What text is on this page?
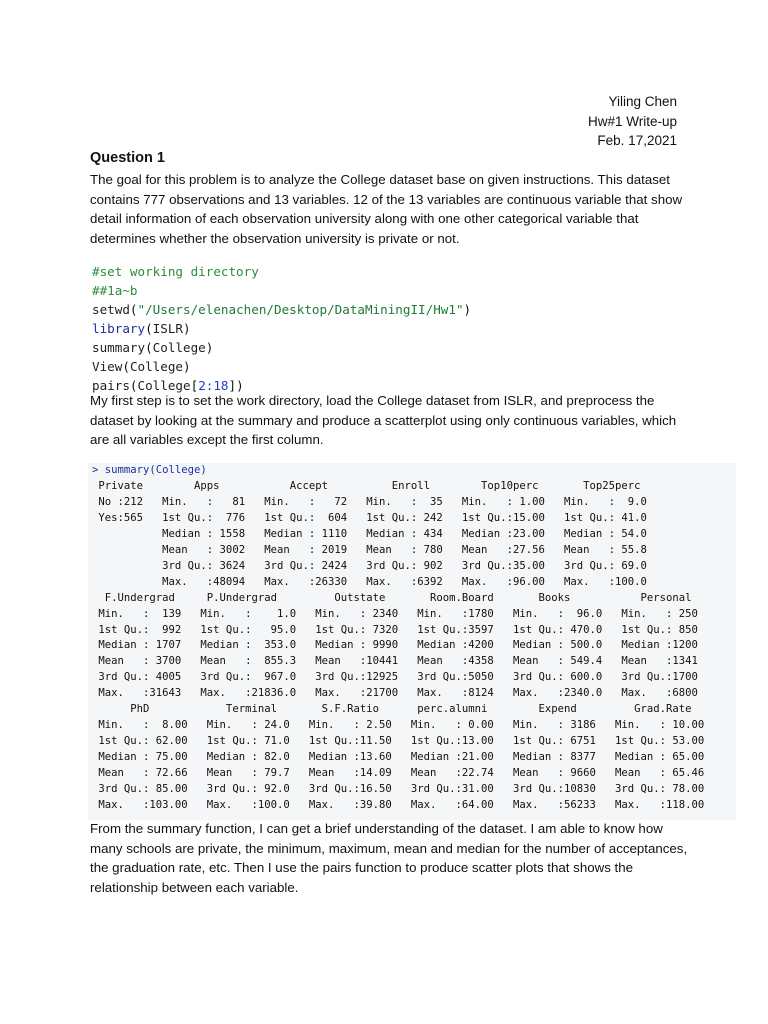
Yiling Chen
Hw#1 Write-up
Feb. 17,2021
Question 1

The goal for this problem is to analyze the College dataset base on given instructions. This dataset contains 777 observations and 13 variables. 12 of the 13 variables are continuous variable that show detail information of each observation university along with one other categorical variable that determines whether the observation university is private or not.

#set working directory
##1a~b
setwd("/Users/elenachen/Desktop/DataMiningII/Hw1")
library(ISLR)
summary(College)
View(College)
pairs(College[2:18])

My first step is to set the work directory, load the College dataset from ISLR, and preprocess the dataset by looking at the summary and produce a scatterplot using only continuous variables, which are all variables except the first column.

> summary(College)
Private        Apps           Accept          Enroll        Top10perc       Top25perc
No :212   Min.   :   81   Min.   :   72   Min.   :  35   Min.   : 1.00   Min.   :  9.0
Yes:565   1st Qu.:  776   1st Qu.:  604   1st Qu.: 242   1st Qu.:15.00   1st Qu.: 41.0
Median : 1558   Median : 1110   Median : 434   Median :23.00   Median : 54.0
Mean   : 3002   Mean   : 2019   Mean   : 780   Mean   :27.56   Mean   : 55.8
3rd Qu.: 3624   3rd Qu.: 2424   3rd Qu.: 902   3rd Qu.:35.00   3rd Qu.: 69.0
Max.   :48094   Max.   :26330   Max.   :6392   Max.   :96.00   Max.   :100.0
F.Undergrad     P.Undergrad         Outstate       Room.Board       Books           Personal
Min.   :  139   Min.   :    1.0   Min.   : 2340   Min.   :1780   Min.   :  96.0   Min.   : 250
1st Qu.:  992   1st Qu.:   95.0   1st Qu.: 7320   1st Qu.:3597   1st Qu.: 470.0   1st Qu.: 850
Median : 1707   Median :  353.0   Median : 9990   Median :4200   Median : 500.0   Median :1200
Mean   : 3700   Mean   :  855.3   Mean   :10441   Mean   :4358   Mean   : 549.4   Mean   :1341
3rd Qu.: 4005   3rd Qu.:  967.0   3rd Qu.:12925   3rd Qu.:5050   3rd Qu.: 600.0   3rd Qu.:1700
Max.   :31643   Max.   :21836.0   Max.   :21700   Max.   :8124   Max.   :2340.0   Max.   :6800
PhD            Terminal       S.F.Ratio      perc.alumni        Expend         Grad.Rate
Min.   :  8.00   Min.   : 24.0   Min.   : 2.50   Min.   : 0.00   Min.   : 3186   Min.   : 10.00
1st Qu.: 62.00   1st Qu.: 71.0   1st Qu.:11.50   1st Qu.:13.00   1st Qu.: 6751   1st Qu.: 53.00
Median : 75.00   Median : 82.0   Median :13.60   Median :21.00   Median : 8377   Median : 65.00
Mean   : 72.66   Mean   : 79.7   Mean   :14.09   Mean   :22.74   Mean   : 9660   Mean   : 65.46
3rd Qu.: 85.00   3rd Qu.: 92.0   3rd Qu.:16.50   3rd Qu.:31.00   3rd Qu.:10830   3rd Qu.: 78.00
Max.   :103.00   Max.   :100.0   Max.   :39.80   Max.   :64.00   Max.   :56233   Max.   :118.00

From the summary function, I can get a brief understanding of the dataset. I am able to know how many schools are private, the minimum, maximum, mean and median for the number of acceptances, the graduation rate, etc. Then I use the pairs function to produce scatter plots that shows the relationship between each variable.
